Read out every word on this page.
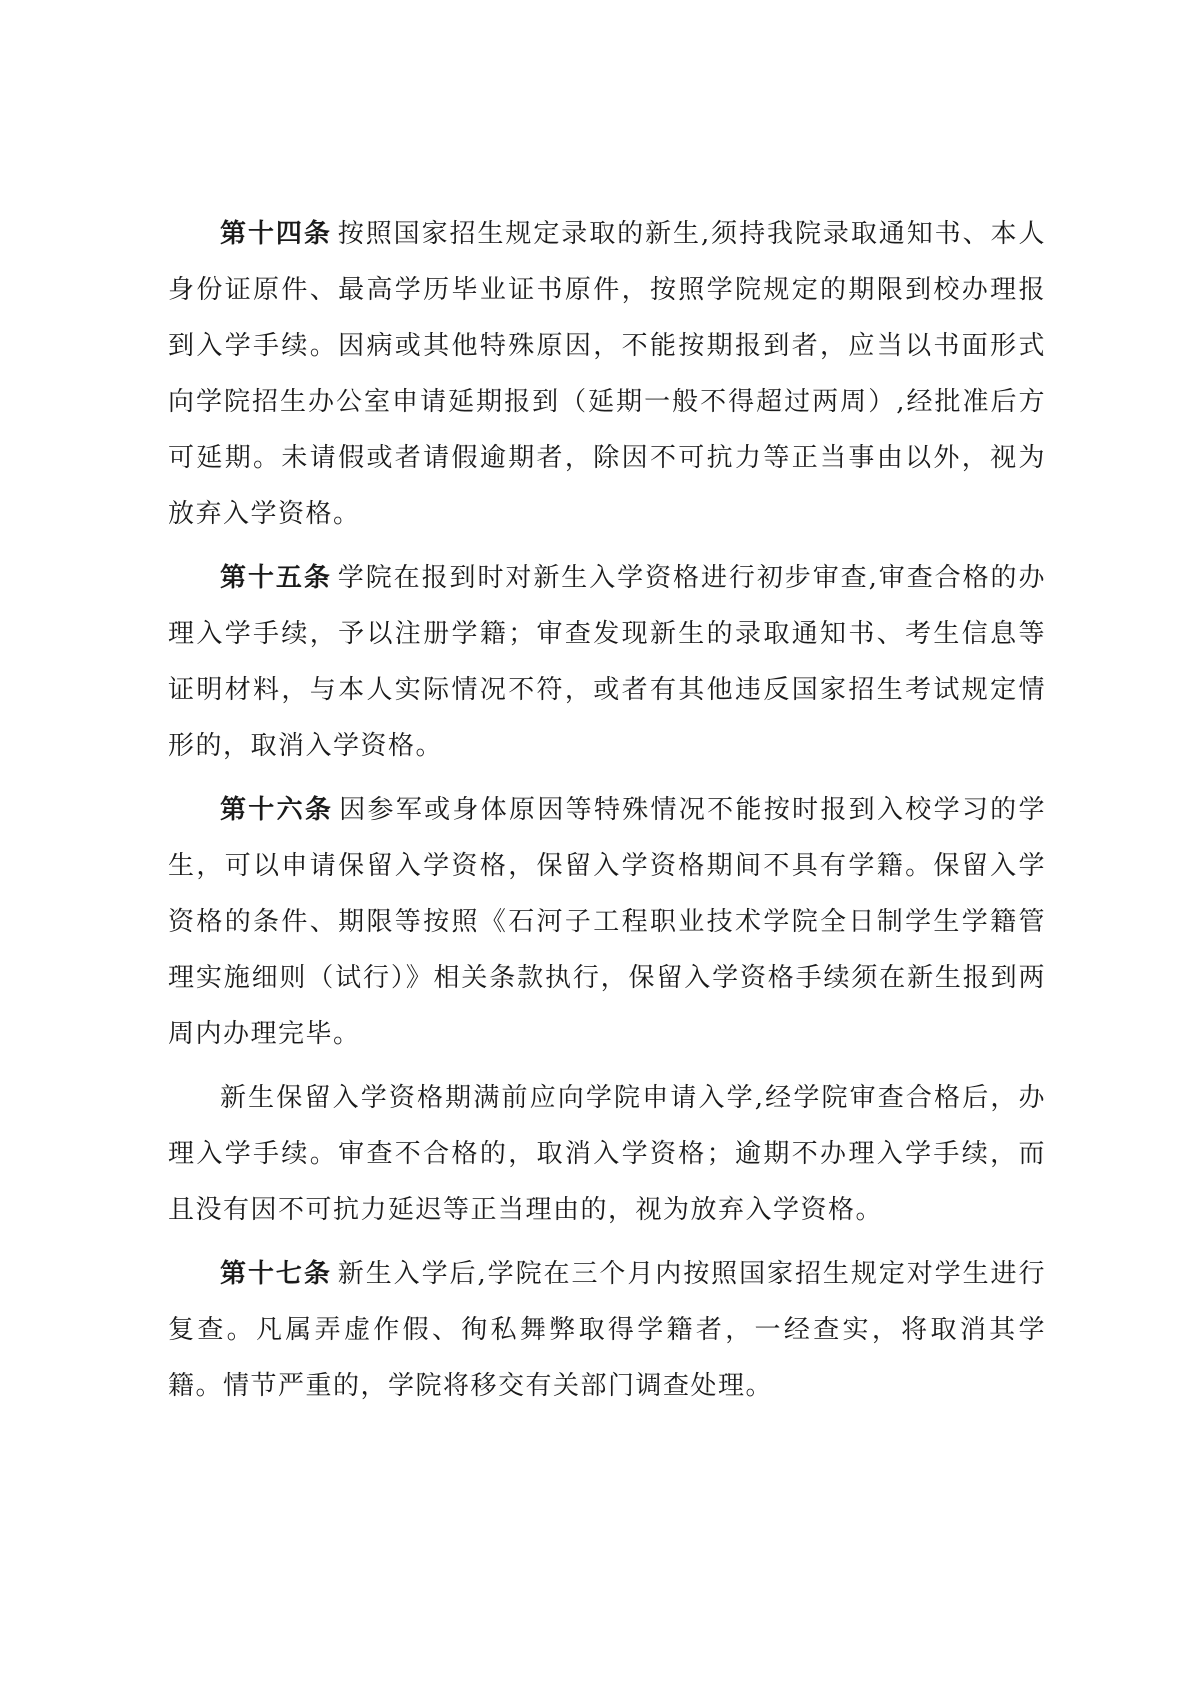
第十四条 按照国家招生规定录取的新生,须持我院录取通知书、本人身份证原件、最高学历毕业证书原件，按照学院规定的期限到校办理报到入学手续。因病或其他特殊原因，不能按期报到者，应当以书面形式向学院招生办公室申请延期报到（延期一般不得超过两周）,经批准后方可延期。未请假或者请假逾期者，除因不可抗力等正当事由以外，视为放弃入学资格。

第十五条 学院在报到时对新生入学资格进行初步审查,审查合格的办理入学手续，予以注册学籍；审查发现新生的录取通知书、考生信息等证明材料，与本人实际情况不符，或者有其他违反国家招生考试规定情形的，取消入学资格。

第十六条 因参军或身体原因等特殊情况不能按时报到入校学习的学生，可以申请保留入学资格，保留入学资格期间不具有学籍。保留入学资格的条件、期限等按照《石河子工程职业技术学院全日制学生学籍管理实施细则（试行）》相关条款执行，保留入学资格手续须在新生报到两周内办理完毕。

新生保留入学资格期满前应向学院申请入学,经学院审查合格后，办理入学手续。审查不合格的，取消入学资格；逾期不办理入学手续，而且没有因不可抗力延迟等正当理由的，视为放弃入学资格。

第十七条 新生入学后,学院在三个月内按照国家招生规定对学生进行复查。凡属弄虚作假、徇私舞弊取得学籍者，一经查实，将取消其学籍。情节严重的，学院将移交有关部门调查处理。
